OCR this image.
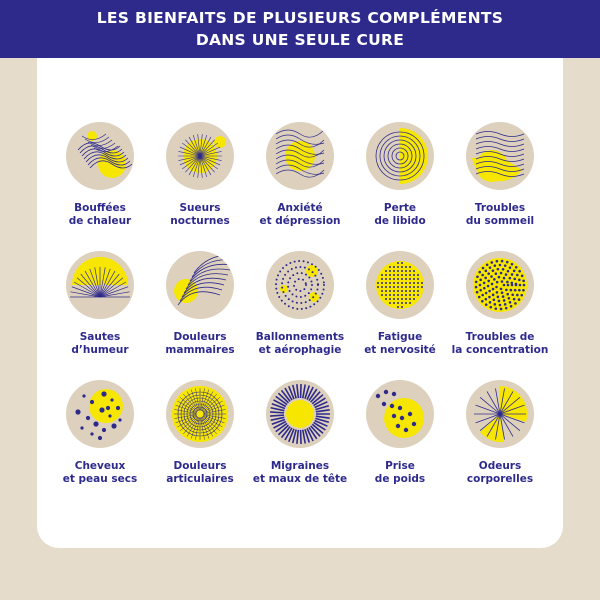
LES BIENFAITS DE PLUSIEURS COMPLÉMENTS
DANS UNE SEULE CURE
Bouffées
de chaleur
Sueurs
nocturnes
Anxiété
et dépression
Perte
de libido
Troubles
du sommeil
Sautes
d’humeur
Douleurs
mammaires
Ballonnements
et aérophagie
Fatigue
et nervosité
Troubles de
la concentration
Cheveux
et peau secs
Douleurs
articulaires
Migraines
et maux de tête
Prise
de poids
Odeurs
corporelles
